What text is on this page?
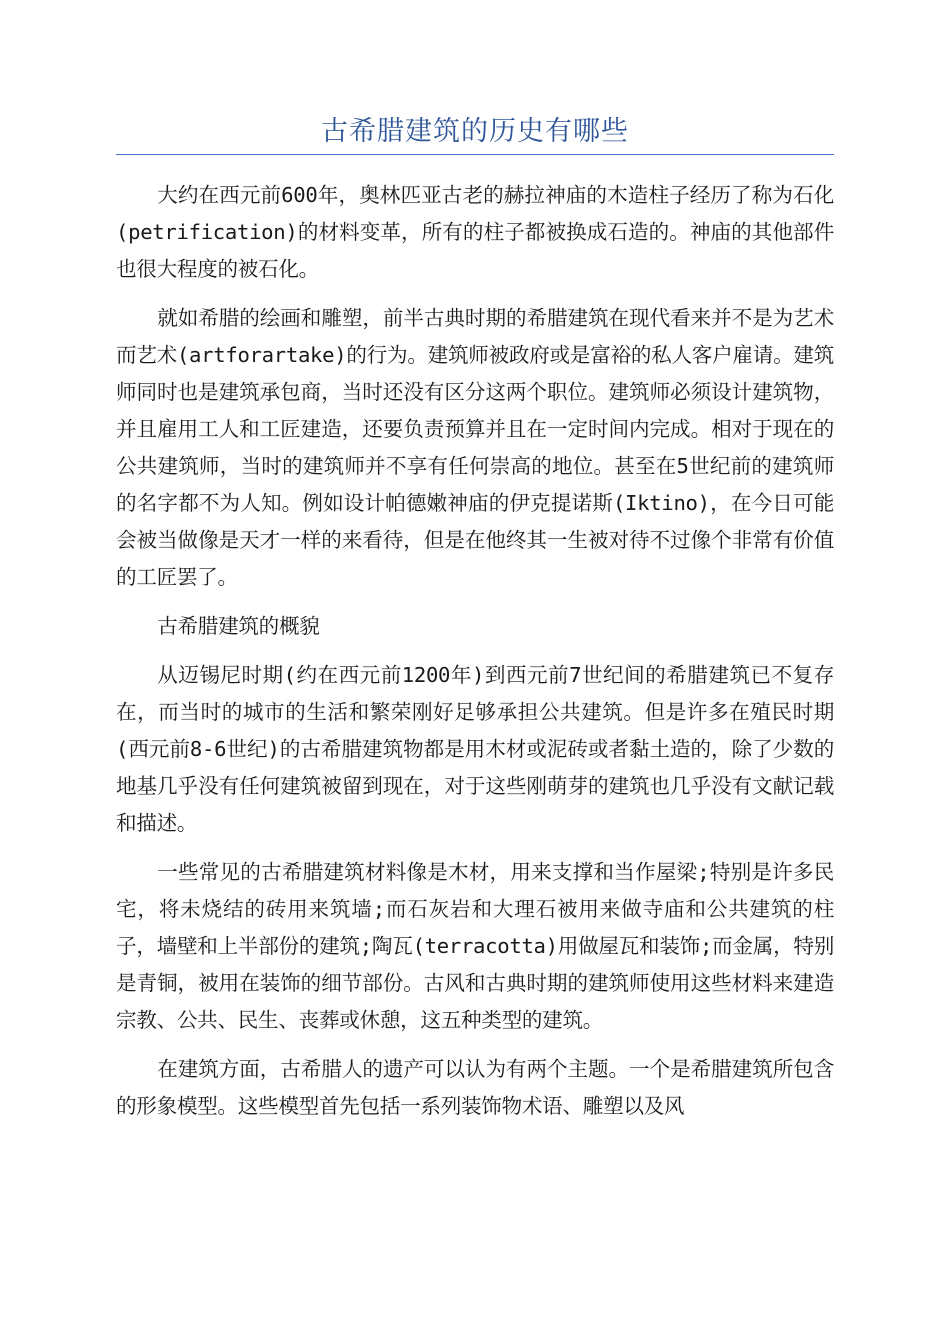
古希腊建筑的历史有哪些

大约在西元前600年，奥林匹亚古老的赫拉神庙的木造柱子经历了称为石化(petrification)的材料变革，所有的柱子都被换成石造的。神庙的其他部件也很大程度的被石化。

就如希腊的绘画和雕塑，前半古典时期的希腊建筑在现代看来并不是为艺术而艺术(artforartake)的行为。建筑师被政府或是富裕的私人客户雇请。建筑师同时也是建筑承包商，当时还没有区分这两个职位。建筑师必须设计建筑物，并且雇用工人和工匠建造，还要负责预算并且在一定时间内完成。相对于现在的公共建筑师，当时的建筑师并不享有任何崇高的地位。甚至在5世纪前的建筑师的名字都不为人知。例如设计帕德嫩神庙的伊克提诺斯(Iktino)，在今日可能会被当做像是天才一样的来看待，但是在他终其一生被对待不过像个非常有价值的工匠罢了。

古希腊建筑的概貌

从迈锡尼时期(约在西元前1200年)到西元前7世纪间的希腊建筑已不复存在，而当时的城市的生活和繁荣刚好足够承担公共建筑。但是许多在殖民时期(西元前8-6世纪)的古希腊建筑物都是用木材或泥砖或者黏土造的，除了少数的地基几乎没有任何建筑被留到现在，对于这些刚萌芽的建筑也几乎没有文献记载和描述。

一些常见的古希腊建筑材料像是木材，用来支撑和当作屋梁;特别是许多民宅，将未烧结的砖用来筑墙;而石灰岩和大理石被用来做寺庙和公共建筑的柱子，墙壁和上半部份的建筑;陶瓦(terracotta)用做屋瓦和装饰;而金属，特别是青铜，被用在装饰的细节部份。古风和古典时期的建筑师使用这些材料来建造宗教、公共、民生、丧葬或休憩，这五种类型的建筑。

在建筑方面，古希腊人的遗产可以认为有两个主题。一个是希腊建筑所包含的形象模型。这些模型首先包括一系列装饰物术语、雕塑以及风
